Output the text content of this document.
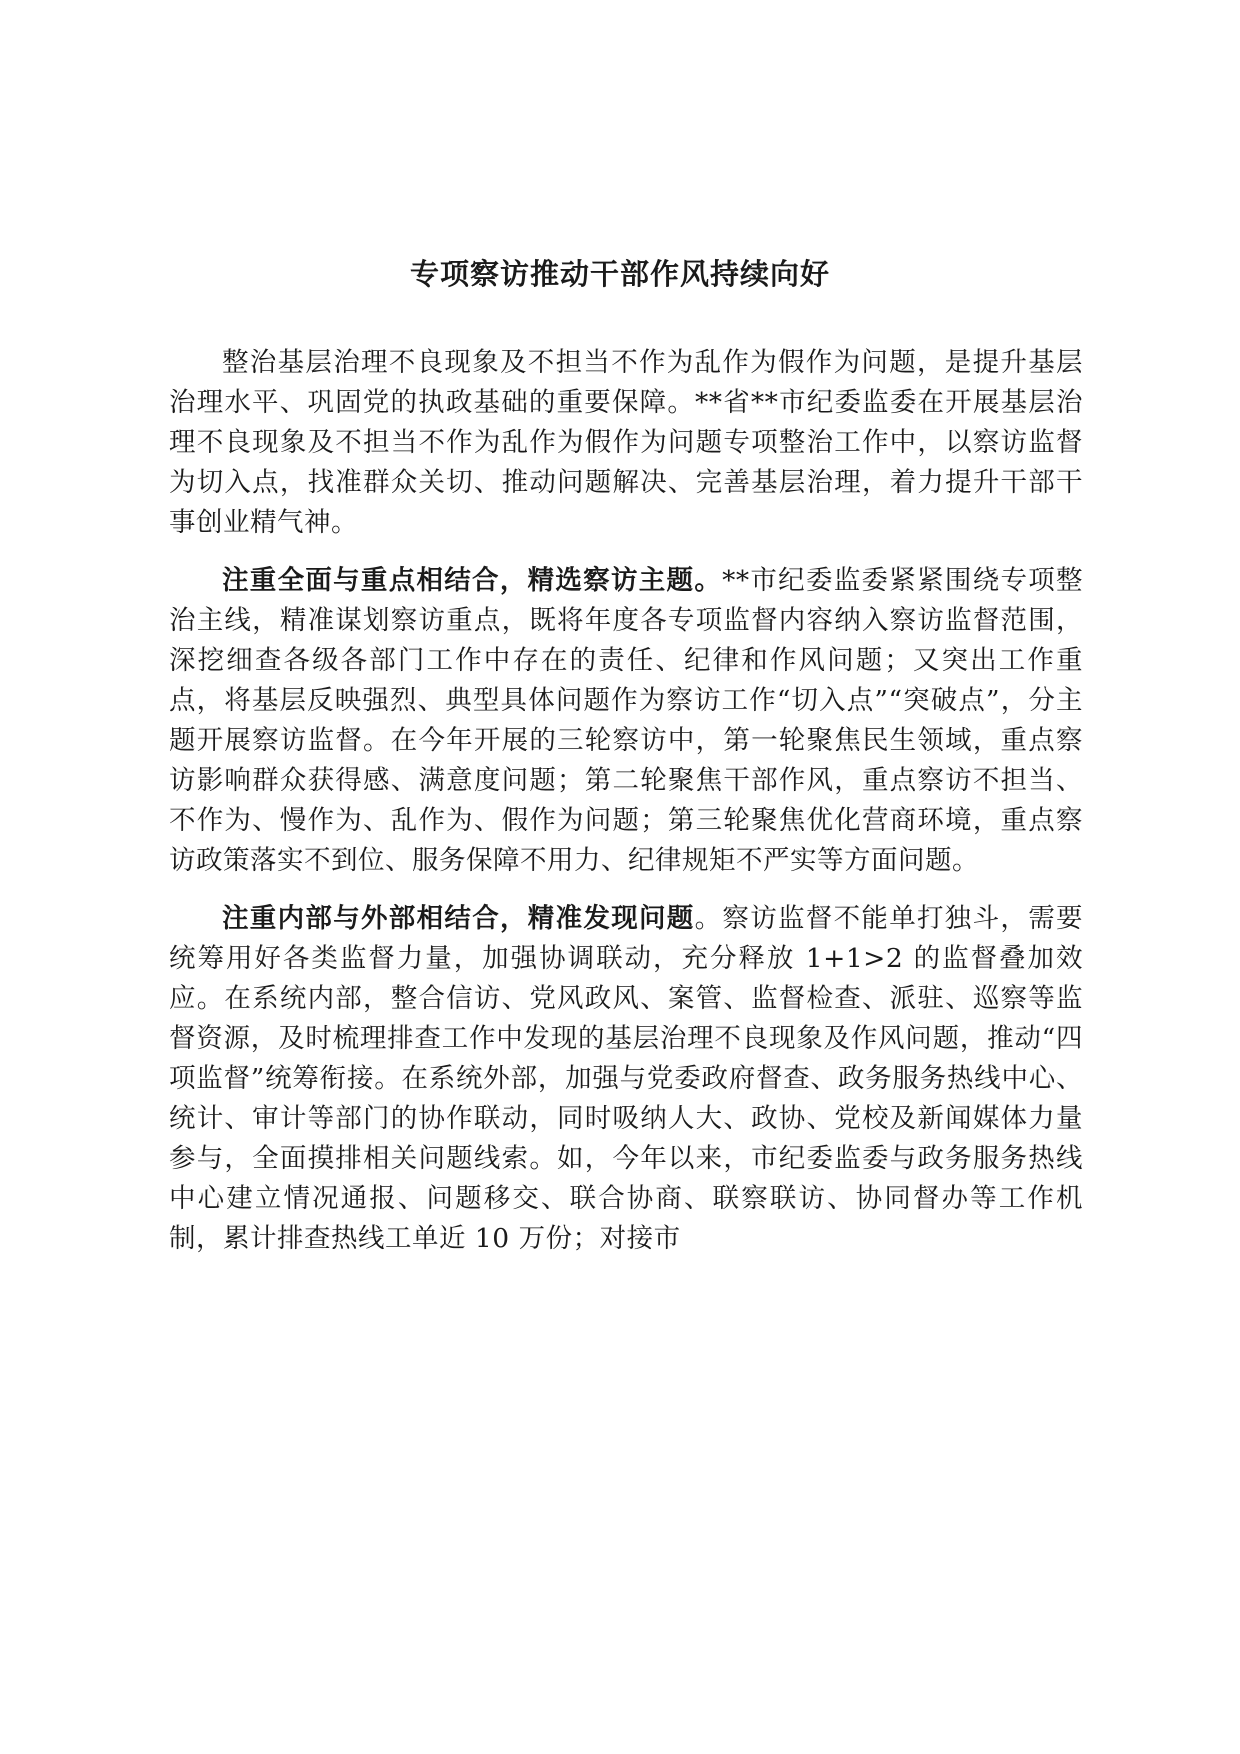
专项察访推动干部作风持续向好

整治基层治理不良现象及不担当不作为乱作为假作为问题，是提升基层治理水平、巩固党的执政基础的重要保障。**省**市纪委监委在开展基层治理不良现象及不担当不作为乱作为假作为问题专项整治工作中，以察访监督为切入点，找准群众关切、推动问题解决、完善基层治理，着力提升干部干事创业精气神。

注重全面与重点相结合，精选察访主题。**市纪委监委紧紧围绕专项整治主线，精准谋划察访重点，既将年度各专项监督内容纳入察访监督范围，深挖细查各级各部门工作中存在的责任、纪律和作风问题；又突出工作重点，将基层反映强烈、典型具体问题作为察访工作“切入点”“突破点”，分主题开展察访监督。在今年开展的三轮察访中，第一轮聚焦民生领域，重点察访影响群众获得感、满意度问题；第二轮聚焦干部作风，重点察访不担当、不作为、慢作为、乱作为、假作为问题；第三轮聚焦优化营商环境，重点察访政策落实不到位、服务保障不用力、纪律规矩不严实等方面问题。

注重内部与外部相结合，精准发现问题。察访监督不能单打独斗，需要统筹用好各类监督力量，加强协调联动，充分释放 1+1>2 的监督叠加效应。在系统内部，整合信访、党风政风、案管、监督检查、派驻、巡察等监督资源，及时梳理排查工作中发现的基层治理不良现象及作风问题，推动“四项监督”统筹衔接。在系统外部，加强与党委政府督查、政务服务热线中心、统计、审计等部门的协作联动，同时吸纳人大、政协、党校及新闻媒体力量参与，全面摸排相关问题线索。如，今年以来，市纪委监委与政务服务热线中心建立情况通报、问题移交、联合协商、联察联访、协同督办等工作机制，累计排查热线工单近 10 万份；对接市
